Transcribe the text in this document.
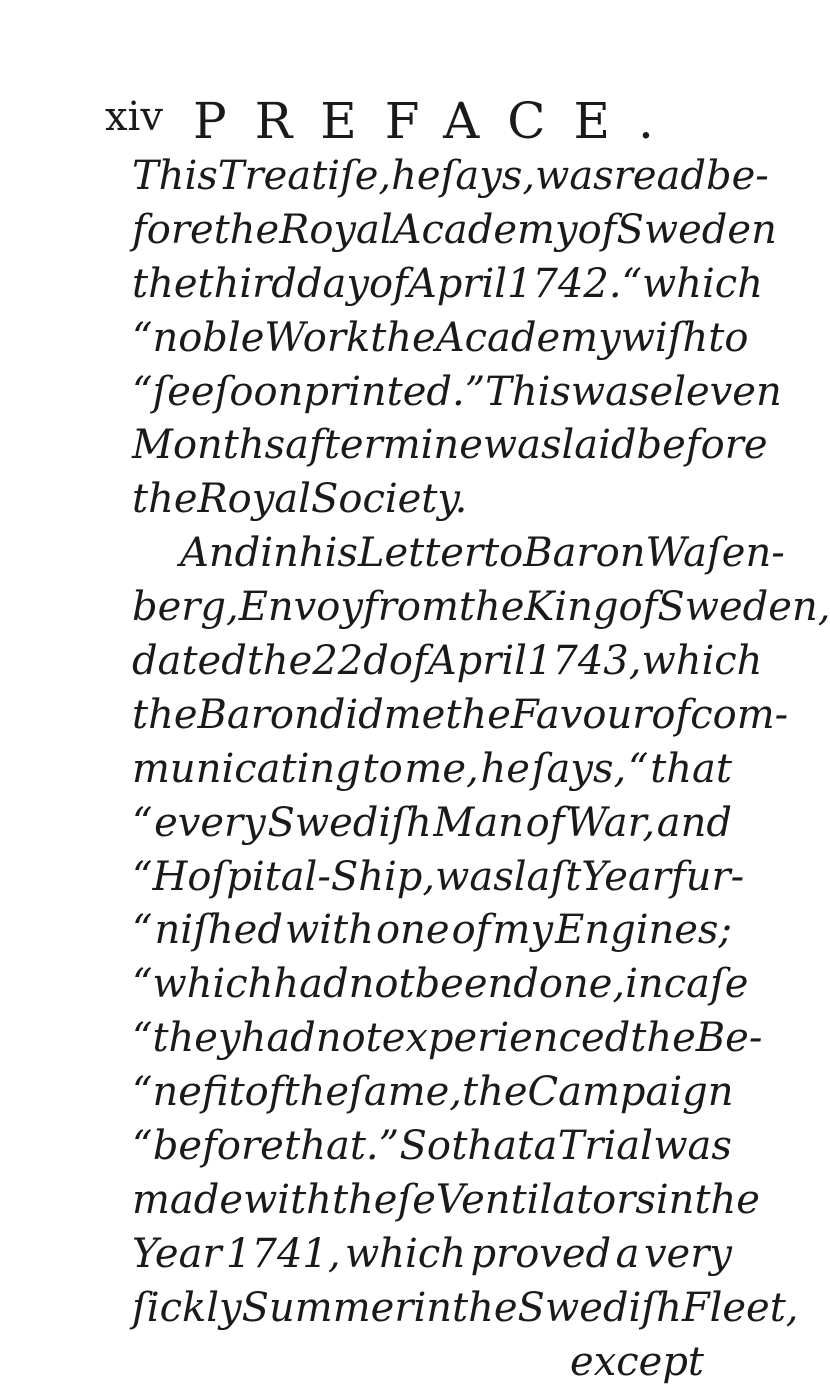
xiv PREFACE.
This Treatiſe, he ſays, was read be-
fore the Royal Academy of Sweden
the third day of April 1742. “ which
“ noble Work the Academy wiſh to
“ ſee ſoon printed.” This was eleven
Months after mine was laid before
the Royal Society.
And in his Letter to Baron Waſen-
berg, Envoy from the King of Sweden,
dated the 22d of April 1743, which
the Baron did me the Favour of com-
municating to me, he ſays, “ that
“ every Swediſh Man of War, and
“ Hoſpital-Ship, was laſt Year fur-
“ niſhed with one of my Engines;
“ which had not been done, in caſe
“ they had not experienced the Be-
“ nefit of the ſame, the Campaign
“ before that.” So that a Trial was
made with theſe Ventilators in the
Year 1741, which proved a very
ſickly Summer in the Swediſh Fleet,
except
